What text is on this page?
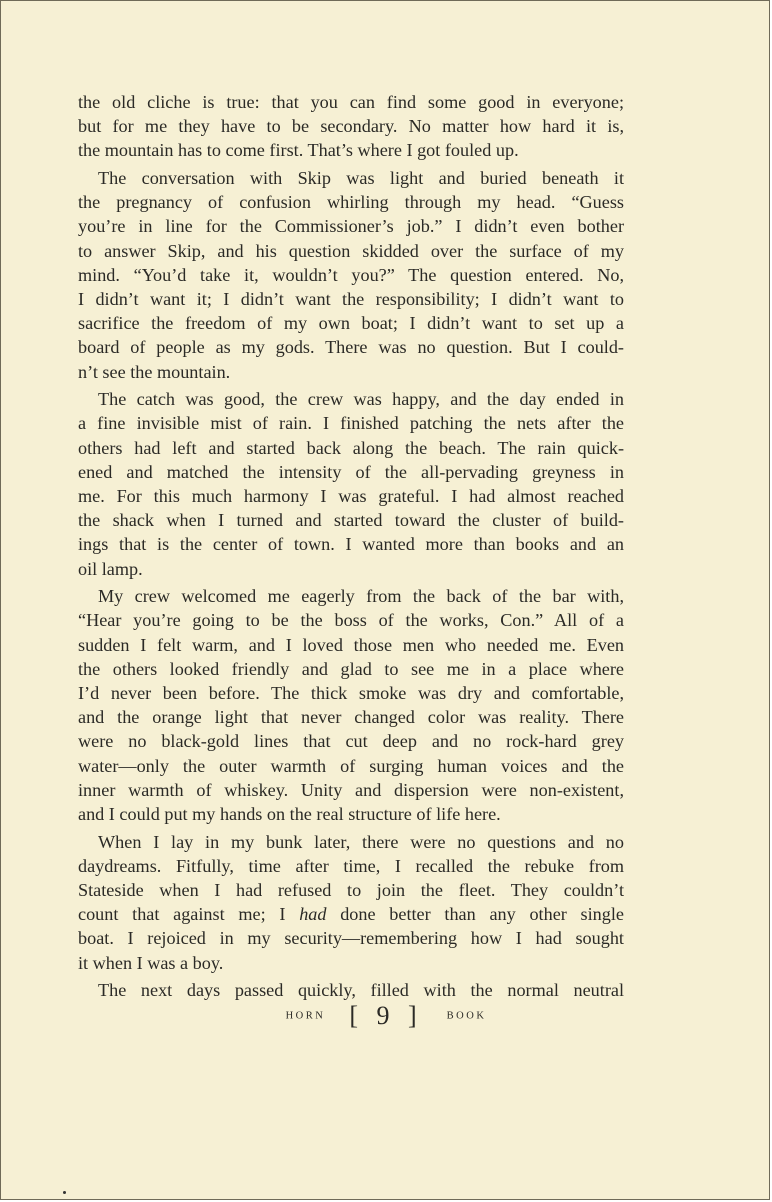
the old cliche is true: that you can find some good in everyone;
but for me they have to be secondary. No matter how hard it is,
the mountain has to come first. That’s where I got fouled up.
The conversation with Skip was light and buried beneath it
the pregnancy of confusion whirling through my head. “Guess
you’re in line for the Commissioner’s job.” I didn’t even bother
to answer Skip, and his question skidded over the surface of my
mind. “You’d take it, wouldn’t you?” The question entered. No,
I didn’t want it; I didn’t want the responsibility; I didn’t want to
sacrifice the freedom of my own boat; I didn’t want to set up a
board of people as my gods. There was no question. But I could-
n’t see the mountain.
The catch was good, the crew was happy, and the day ended in
a fine invisible mist of rain. I finished patching the nets after the
others had left and started back along the beach. The rain quick-
ened and matched the intensity of the all-pervading greyness in
me. For this much harmony I was grateful. I had almost reached
the shack when I turned and started toward the cluster of build-
ings that is the center of town. I wanted more than books and an
oil lamp.
My crew welcomed me eagerly from the back of the bar with,
“Hear you’re going to be the boss of the works, Con.” All of a
sudden I felt warm, and I loved those men who needed me. Even
the others looked friendly and glad to see me in a place where
I’d never been before. The thick smoke was dry and comfortable,
and the orange light that never changed color was reality. There
were no black-gold lines that cut deep and no rock-hard grey
water—only the outer warmth of surging human voices and the
inner warmth of whiskey. Unity and dispersion were non-existent,
and I could put my hands on the real structure of life here.
When I lay in my bunk later, there were no questions and no
daydreams. Fitfully, time after time, I recalled the rebuke from
Stateside when I had refused to join the fleet. They couldn’t
count that against me; I had done better than any other single
boat. I rejoiced in my security—remembering how I had sought
it when I was a boy.
The next days passed quickly, filled with the normal neutral
HORN [ 9 ] BOOK
